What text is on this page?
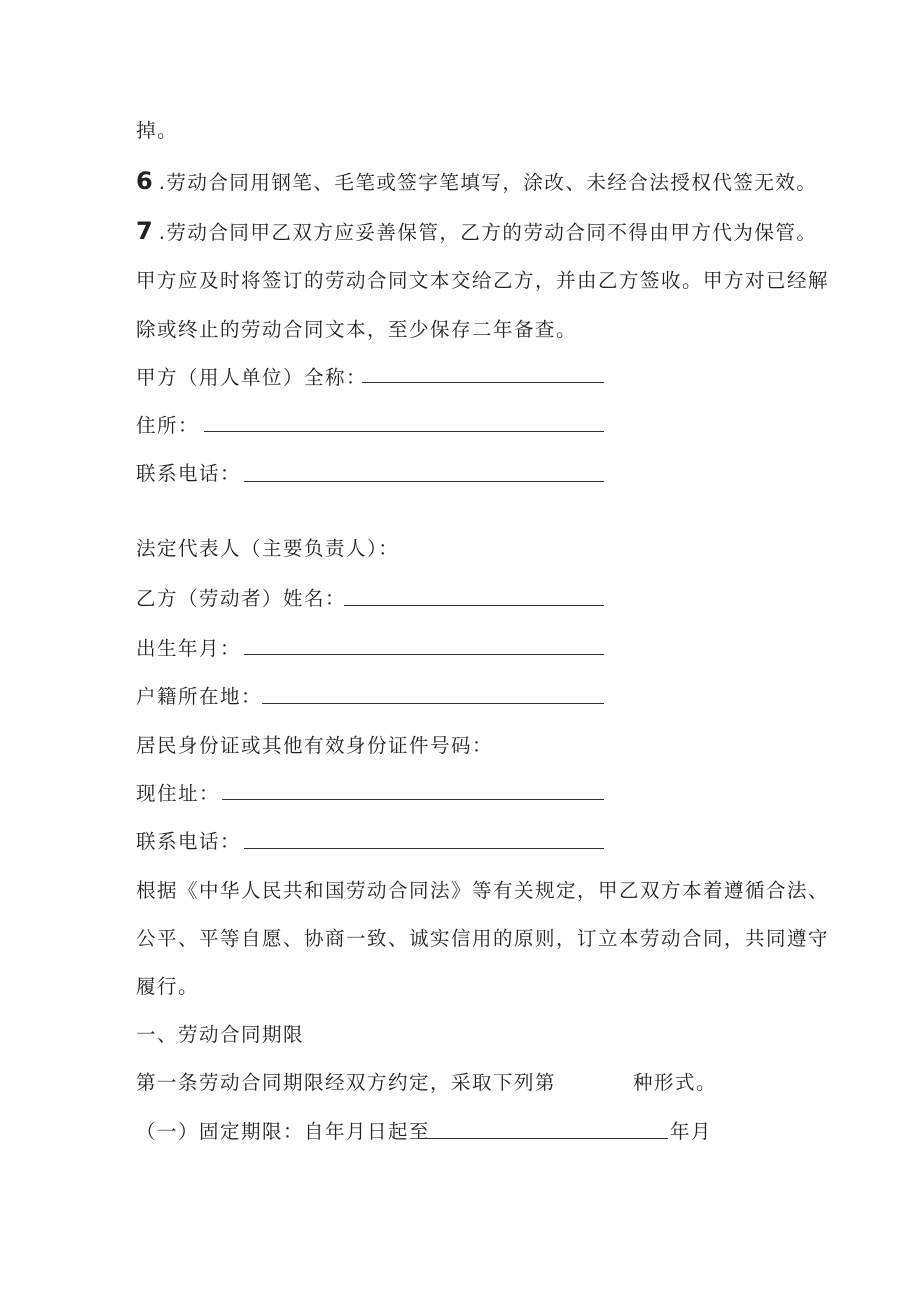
掉。
6 .劳动合同用钢笔、毛笔或签字笔填写，涂改、未经合法授权代签无效。
7 .劳动合同甲乙双方应妥善保管，乙方的劳动合同不得由甲方代为保管。
甲方应及时将签订的劳动合同文本交给乙方，并由乙方签收。甲方对已经解
除或终止的劳动合同文本，至少保存二年备查。
甲方（用人单位）全称：
住所：
联系电话：
法定代表人（主要负责人）：
乙方（劳动者）姓名：
出生年月：
户籍所在地：
居民身份证或其他有效身份证件号码：
现住址：
联系电话：
根据《中华人民共和国劳动合同法》等有关规定，甲乙双方本着遵循合法、
公平、平等自愿、协商一致、诚实信用的原则，订立本劳动合同，共同遵守
履行。
一、劳动合同期限
第一条劳动合同期限经双方约定，采取下列第	种形式。
（一）固定期限：自年月日起至	年月
